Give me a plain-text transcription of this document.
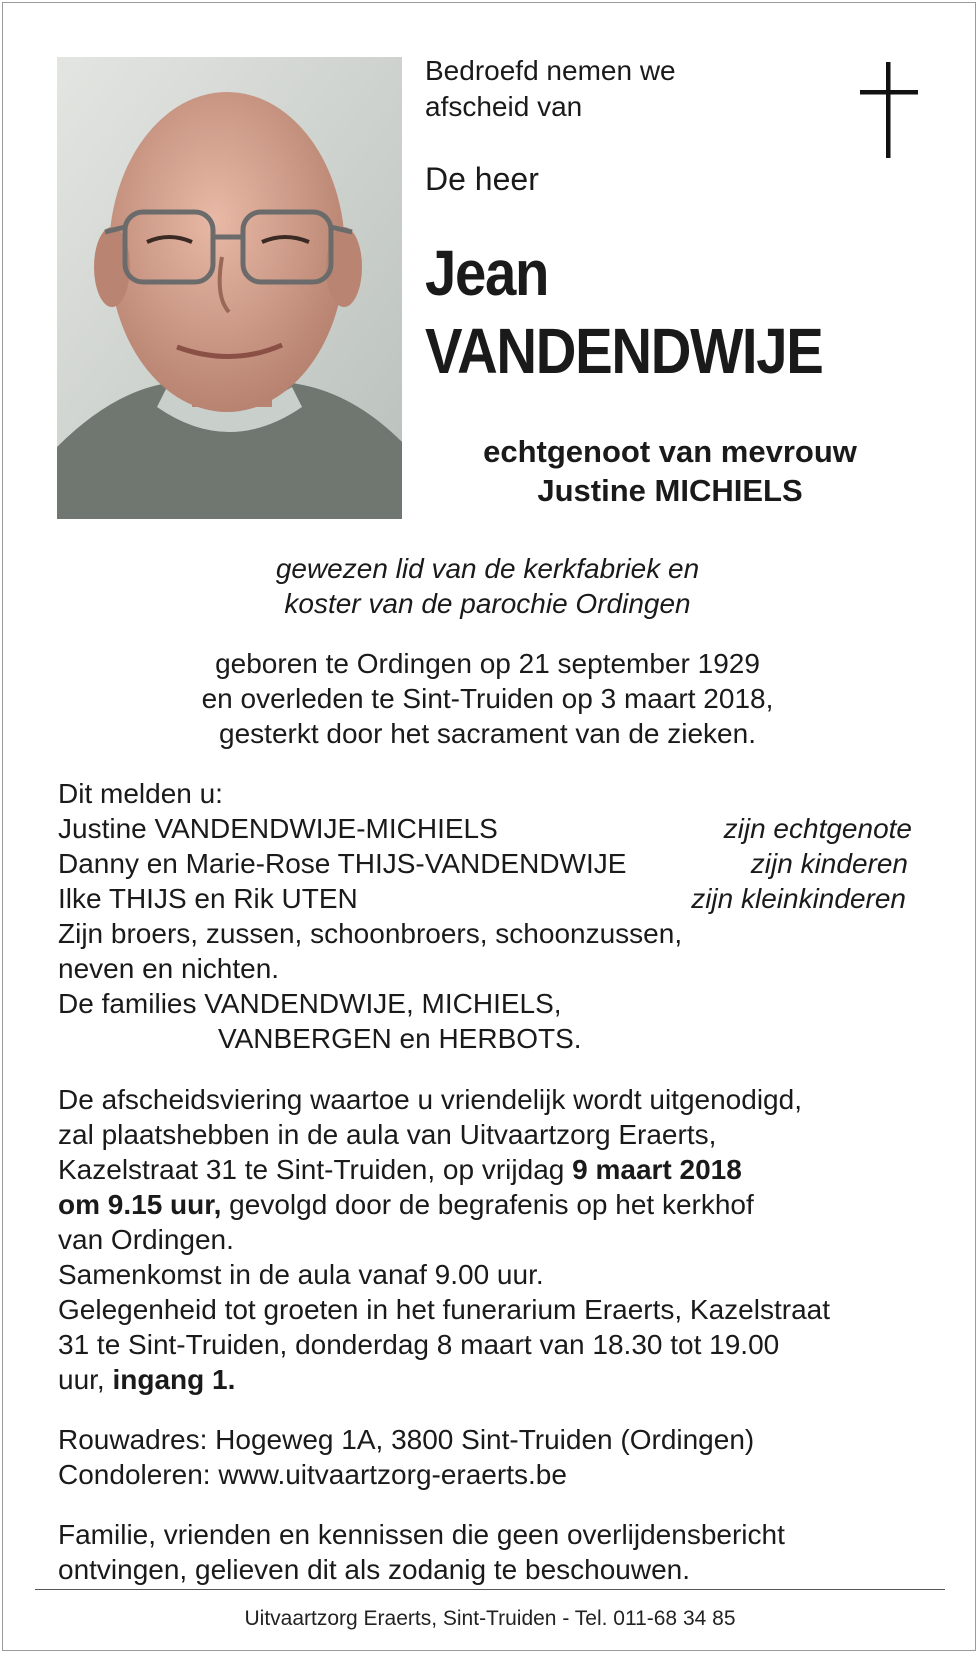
Bedroefd nemen we
afscheid van
De heer
Jean
VANDENDWIJE
echtgenoot van mevrouw
Justine MICHIELS
gewezen lid van de kerkfabriek en
koster van de parochie Ordingen
geboren te Ordingen op 21 september 1929
en overleden te Sint-Truiden op 3 maart 2018,
gesterkt door het sacrament van de zieken.
Dit melden u:
Justine VANDENDWIJE-MICHIELS	zijn echtgenote
Danny en Marie-Rose THIJS-VANDENDWIJE	zijn kinderen
Ilke THIJS en Rik UTEN	zijn kleinkinderen
Zijn broers, zussen, schoonbroers, schoonzussen,
neven en nichten.
De families VANDENDWIJE, MICHIELS,
VANBERGEN en HERBOTS.
De afscheidsviering waartoe u vriendelijk wordt uitgenodigd,
zal plaatshebben in de aula van Uitvaartzorg Eraerts,
Kazelstraat 31 te Sint-Truiden, op vrijdag 9 maart 2018
om 9.15 uur, gevolgd door de begrafenis op het kerkhof
van Ordingen.
Samenkomst in de aula vanaf 9.00 uur.
Gelegenheid tot groeten in het funerarium Eraerts, Kazelstraat
31 te Sint-Truiden, donderdag 8 maart van 18.30 tot 19.00
uur, ingang 1.
Rouwadres: Hogeweg 1A, 3800 Sint-Truiden (Ordingen)
Condoleren: www.uitvaartzorg-eraerts.be
Familie, vrienden en kennissen die geen overlijdensbericht
ontvingen, gelieven dit als zodanig te beschouwen.
Uitvaartzorg Eraerts, Sint-Truiden - Tel. 011-68 34 85
